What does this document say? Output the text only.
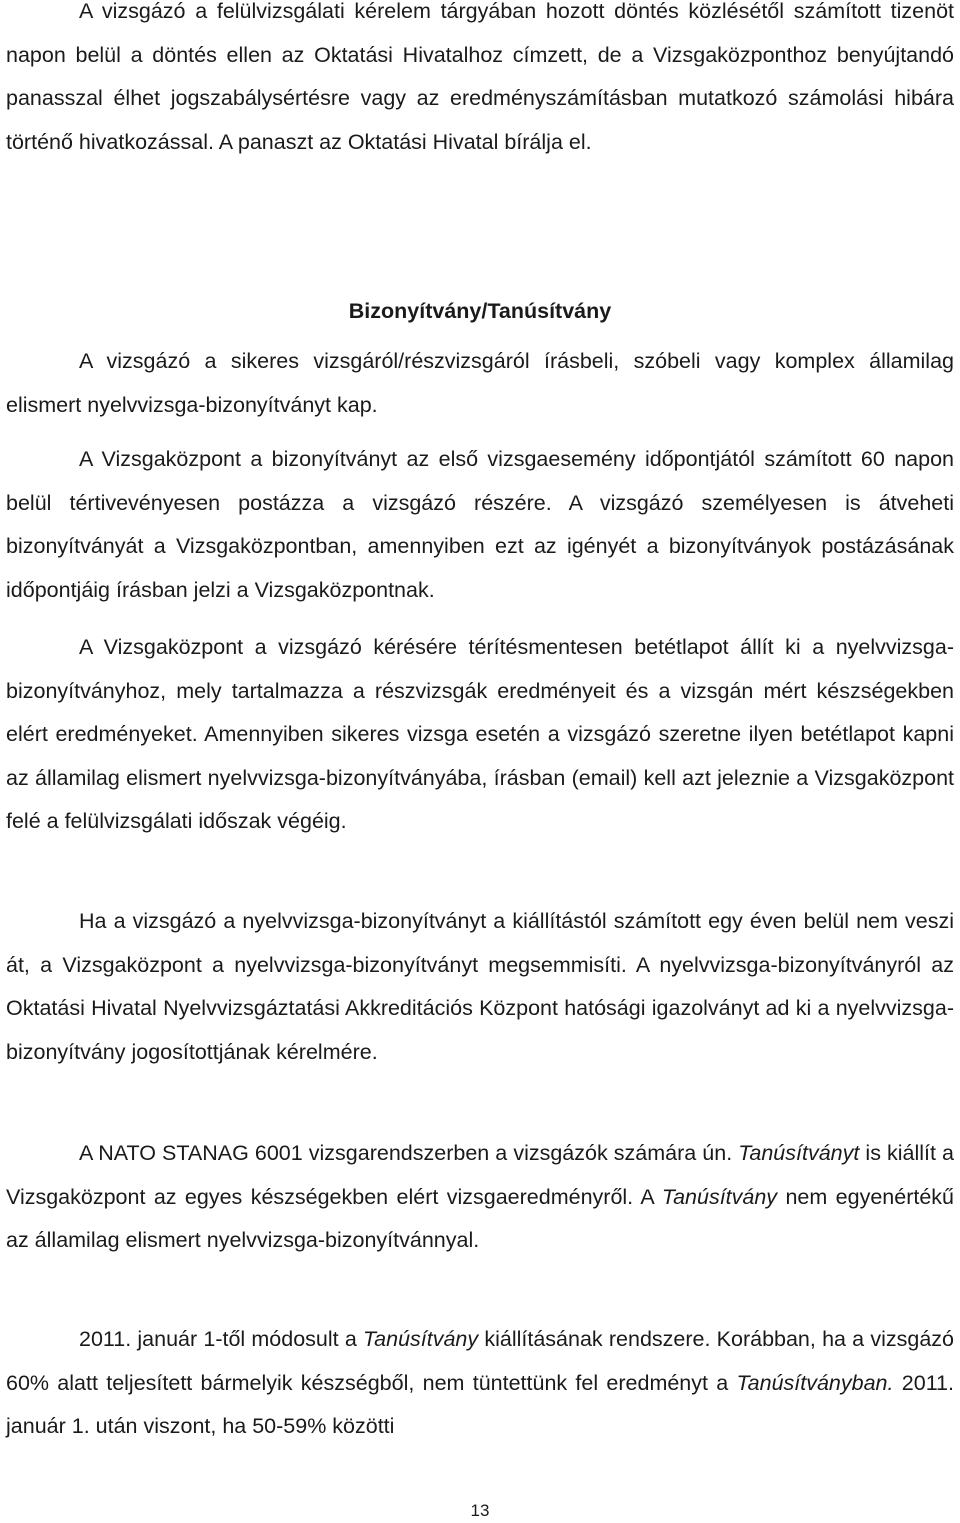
A vizsgázó a felülvizsgálati kérelem tárgyában hozott döntés közlésétől számított tizenöt napon belül a döntés ellen az Oktatási Hivatalhoz címzett, de a Vizsgaközponthoz benyújtandó panasszal élhet jogszabálysértésre vagy az eredményszámításban mutatkozó számolási hibára történő hivatkozással. A panaszt az Oktatási Hivatal bírálja el.

Bizonyítvány/Tanúsítvány

A vizsgázó a sikeres vizsgáról/részvizsgáról írásbeli, szóbeli vagy komplex államilag elismert nyelvvizsga-bizonyítványt kap.

A Vizsgaközpont a bizonyítványt az első vizsgaesemény időpontjától számított 60 napon belül tértivevényesen postázza a vizsgázó részére. A vizsgázó személyesen is átveheti bizonyítványát a Vizsgaközpontban, amennyiben ezt az igényét a bizonyítványok postázásának időpontjáig írásban jelzi a Vizsgaközpontnak.

A Vizsgaközpont a vizsgázó kérésére térítésmentesen betétlapot állít ki a nyelvvizsga-bizonyítványhoz, mely tartalmazza a részvizsgák eredményeit és a vizsgán mért készségekben elért eredményeket. Amennyiben sikeres vizsga esetén a vizsgázó szeretne ilyen betétlapot kapni az államilag elismert nyelvvizsga-bizonyítványába, írásban (email) kell azt jeleznie a Vizsgaközpont felé a felülvizsgálati időszak végéig.

Ha a vizsgázó a nyelvvizsga-bizonyítványt a kiállítástól számított egy éven belül nem veszi át, a Vizsgaközpont a nyelvvizsga-bizonyítványt megsemmisíti. A nyelvvizsga-bizonyítványról az Oktatási Hivatal Nyelvvizsgáztatási Akkreditációs Központ hatósági igazolványt ad ki a nyelvvizsga-bizonyítvány jogosítottjának kérelmére.

A NATO STANAG 6001 vizsgarendszerben a vizsgázók számára ún. Tanúsítványt is kiállít a Vizsgaközpont az egyes készségekben elért vizsgaeredményről. A Tanúsítvány nem egyenértékű az államilag elismert nyelvvizsga-bizonyítvánnyal.

2011. január 1-től módosult a Tanúsítvány kiállításának rendszere. Korábban, ha a vizsgázó 60% alatt teljesített bármelyik készségből, nem tüntettünk fel eredményt a Tanúsítványban. 2011. január 1. után viszont, ha 50-59% közötti

13
